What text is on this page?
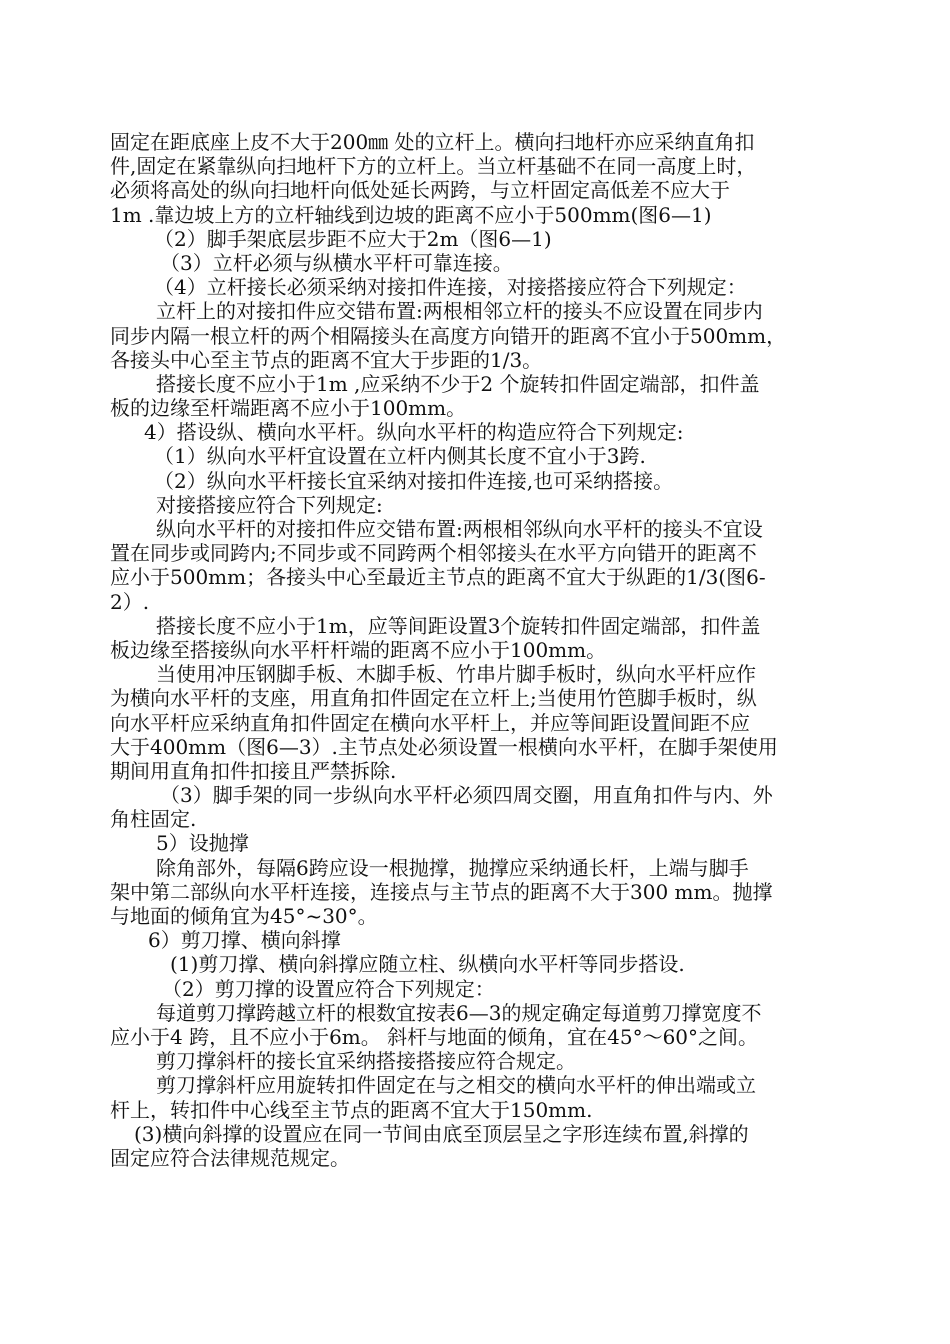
固定在距底座上皮不大于200㎜ 处的立杆上。横向扫地杆亦应采纳直角扣
件,固定在紧靠纵向扫地杆下方的立杆上。当立杆基础不在同一高度上时，
必须将高处的纵向扫地杆向低处延长两跨，与立杆固定高低差不应大于
1m .靠边坡上方的立杆轴线到边坡的距离不应小于500mm(图6—1)
（2）脚手架底层步距不应大于2m（图6—1)
（3）立杆必须与纵横水平杆可靠连接。
（4）立杆接长必须采纳对接扣件连接，对接搭接应符合下列规定：
立杆上的对接扣件应交错布置:两根相邻立杆的接头不应设置在同步内
同步内隔一根立杆的两个相隔接头在高度方向错开的距离不宜小于500mm，
各接头中心至主节点的距离不宜大于步距的1/3。
搭接长度不应小于1m ,应采纳不少于2 个旋转扣件固定端部，扣件盖
板的边缘至杆端距离不应小于100mm。
4）搭设纵、横向水平杆。纵向水平杆的构造应符合下列规定:
（1）纵向水平杆宜设置在立杆内侧其长度不宜小于3跨.
（2）纵向水平杆接长宜采纳对接扣件连接,也可采纳搭接。
对接搭接应符合下列规定:
纵向水平杆的对接扣件应交错布置:两根相邻纵向水平杆的接头不宜设
置在同步或同跨内;不同步或不同跨两个相邻接头在水平方向错开的距离不
应小于500mm；各接头中心至最近主节点的距离不宜大于纵距的1/3(图6-
2）.
搭接长度不应小于1m，应等间距设置3个旋转扣件固定端部，扣件盖
板边缘至搭接纵向水平杆杆端的距离不应小于100mm。
当使用冲压钢脚手板、木脚手板、竹串片脚手板时，纵向水平杆应作
为横向水平杆的支座，用直角扣件固定在立杆上;当使用竹笆脚手板时，纵
向水平杆应采纳直角扣件固定在横向水平杆上，并应等间距设置间距不应
大于400mm（图6—3）.主节点处必须设置一根横向水平杆，在脚手架使用
期间用直角扣件扣接且严禁拆除.
（3）脚手架的同一步纵向水平杆必须四周交圈，用直角扣件与内、外
角柱固定.
5）设抛撑
除角部外，每隔6跨应设一根抛撑，抛撑应采纳通长杆，上端与脚手
架中第二部纵向水平杆连接，连接点与主节点的距离不大于300 mm。抛撑
与地面的倾角宜为45°~30°。
6）剪刀撑、横向斜撑
(1)剪刀撑、横向斜撑应随立柱、纵横向水平杆等同步搭设.
（2）剪刀撑的设置应符合下列规定：
每道剪刀撑跨越立杆的根数宜按表6—3的规定确定每道剪刀撑宽度不
应小于4 跨，且不应小于6m。 斜杆与地面的倾角，宜在45°～60°之间。
剪刀撑斜杆的接长宜采纳搭接搭接应符合规定。
剪刀撑斜杆应用旋转扣件固定在与之相交的横向水平杆的伸出端或立
杆上，转扣件中心线至主节点的距离不宜大于150mm.
(3)横向斜撑的设置应在同一节间由底至顶层呈之字形连续布置,斜撑的
固定应符合法律规范规定。
